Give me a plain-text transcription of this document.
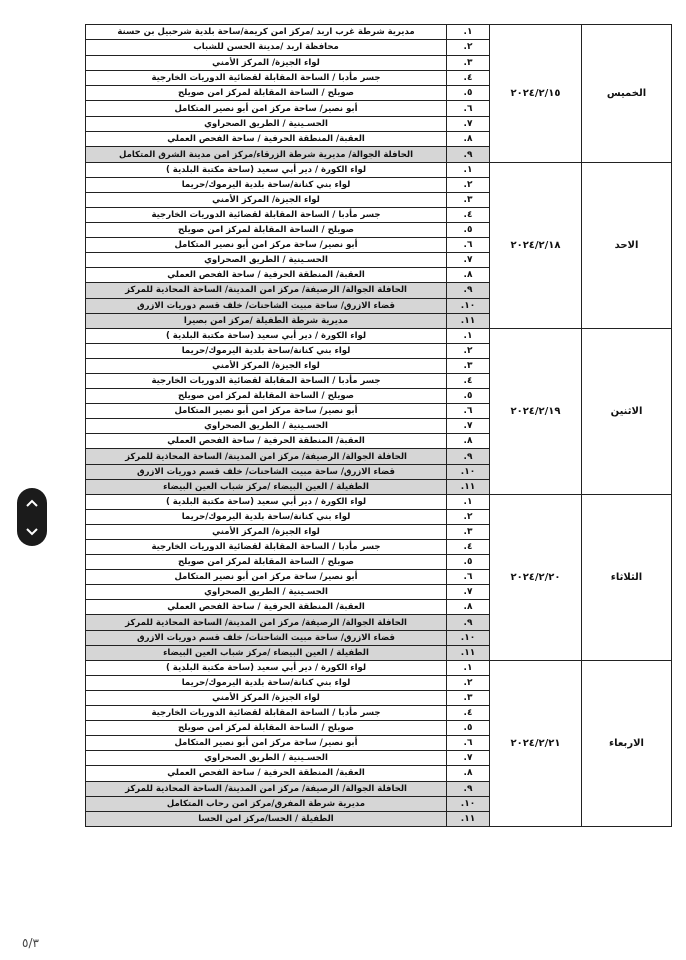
الخميس	٢٠٢٤/٢/١٥	١.	مديرية شرطة غرب اربد /مركز امن كريمة/ساحة بلدية شرحبيل بن حسنة
		٢.	محافظة اربد /مدينة الحسن للشباب
		٣.	لواء الجيزة/ المركز الأمني
		٤.	جسر مأدبا / الساحة المقابلة لقضائية الدوريات الخارجية
		٥.	صويلح / الساحة المقابلة لمركز امن صويلح
		٦.	أبو نصير/ ساحة مركز امن أبو نصير المتكامل
		٧.	الحسـينية / الطريق الصحراوي
		٨.	العقبة/ المنطقة الحرفية / ساحة الفحص العملي
		٩.	الحافلة الجوالة/ مديرية شرطة الزرقاء/مركز امن مدينة الشرق المتكامل
الاحد	٢٠٢٤/٢/١٨	١.	لواء الكورة / دير أبي سعيد (ساحة مكتبة البلدية )
		٢.	لواء بني كنانة/ساحة بلدية اليرموك/حريما
		٣.	لواء الجيزة/ المركز الأمني
		٤.	جسر مأدبا / الساحة المقابلة لقضائية الدوريات الخارجية
		٥.	صويلح / الساحة المقابلة لمركز امن صويلح
		٦.	أبو نصير/ ساحة مركز امن أبو نصير المتكامل
		٧.	الحسـينية / الطريق الصحراوي
		٨.	العقبة/ المنطقة الحرفية / ساحة الفحص العملي
		٩.	الحافلة الجوالة/ الرصيفة/ مركز امن المدينة/ الساحة المحاذية للمركز
		١٠.	قضاء الازرق/ ساحة مبيت الشاحنات/ خلف قسم دوريات الازرق
		١١.	مديرية شرطة الطفيلة /مركز امن بصيرا
الاثنين	٢٠٢٤/٢/١٩	١.	لواء الكورة / دير أبي سعيد (ساحة مكتبة البلدية )
		٢.	لواء بني كنانة/ساحة بلدية اليرموك/حريما
		٣.	لواء الجيزة/ المركز الأمني
		٤.	جسر مأدبا / الساحة المقابلة لقضائية الدوريات الخارجية
		٥.	صويلح / الساحة المقابلة لمركز امن صويلح
		٦.	أبو نصير/ ساحة مركز امن أبو نصير المتكامل
		٧.	الحسـينية / الطريق الصحراوي
		٨.	العقبة/ المنطقة الحرفية / ساحة الفحص العملي
		٩.	الحافلة الجوالة/ الرصيفة/ مركز امن المدينة/ الساحة المحاذية للمركز
		١٠.	قضاء الازرق/ ساحة مبيت الشاحنات/ خلف قسم دوريات الازرق
		١١.	الطفيلة / العين البيضاء /مركز شباب العين البيضاء
الثلاثاء	٢٠٢٤/٢/٢٠	١.	لواء الكورة / دير أبي سعيد (ساحة مكتبة البلدية )
		٢.	لواء بني كنانة/ساحة بلدية اليرموك/حريما
		٣.	لواء الجيزة/ المركز الأمني
		٤.	جسر مأدبا / الساحة المقابلة لقضائية الدوريات الخارجية
		٥.	صويلح / الساحة المقابلة لمركز امن صويلح
		٦.	أبو نصير/ ساحة مركز امن أبو نصير المتكامل
		٧.	الحسـينية / الطريق الصحراوي
		٨.	العقبة/ المنطقة الحرفية / ساحة الفحص العملي
		٩.	الحافلة الجوالة/ الرصيفة/ مركز امن المدينة/ الساحة المحاذية للمركز
		١٠.	قضاء الازرق/ ساحة مبيت الشاحنات/ خلف قسم دوريات الازرق
		١١.	الطفيلة / العين البيضاء /مركز شباب العين البيضاء
الاربعاء	٢٠٢٤/٢/٢١	١.	لواء الكورة / دير أبي سعيد (ساحة مكتبة البلدية )
		٢.	لواء بني كنانة/ساحة بلدية اليرموك/حريما
		٣.	لواء الجيزة/ المركز الأمني
		٤.	جسر مأدبا / الساحة المقابلة لقضائية الدوريات الخارجية
		٥.	صويلح / الساحة المقابلة لمركز امن صويلح
		٦.	أبو نصير/ ساحة مركز امن أبو نصير المتكامل
		٧.	الحسـينية / الطريق الصحراوي
		٨.	العقبة/ المنطقة الحرفية / ساحة الفحص العملي
		٩.	الحافلة الجوالة/ الرصيفة/ مركز امن المدينة/ الساحة المحاذية للمركز
		١٠.	مديرية شرطة المفرق/مركز امن رحاب المتكامل
		١١.	الطفيلة / الحسا/مركز امن الحسا
٥/٣
